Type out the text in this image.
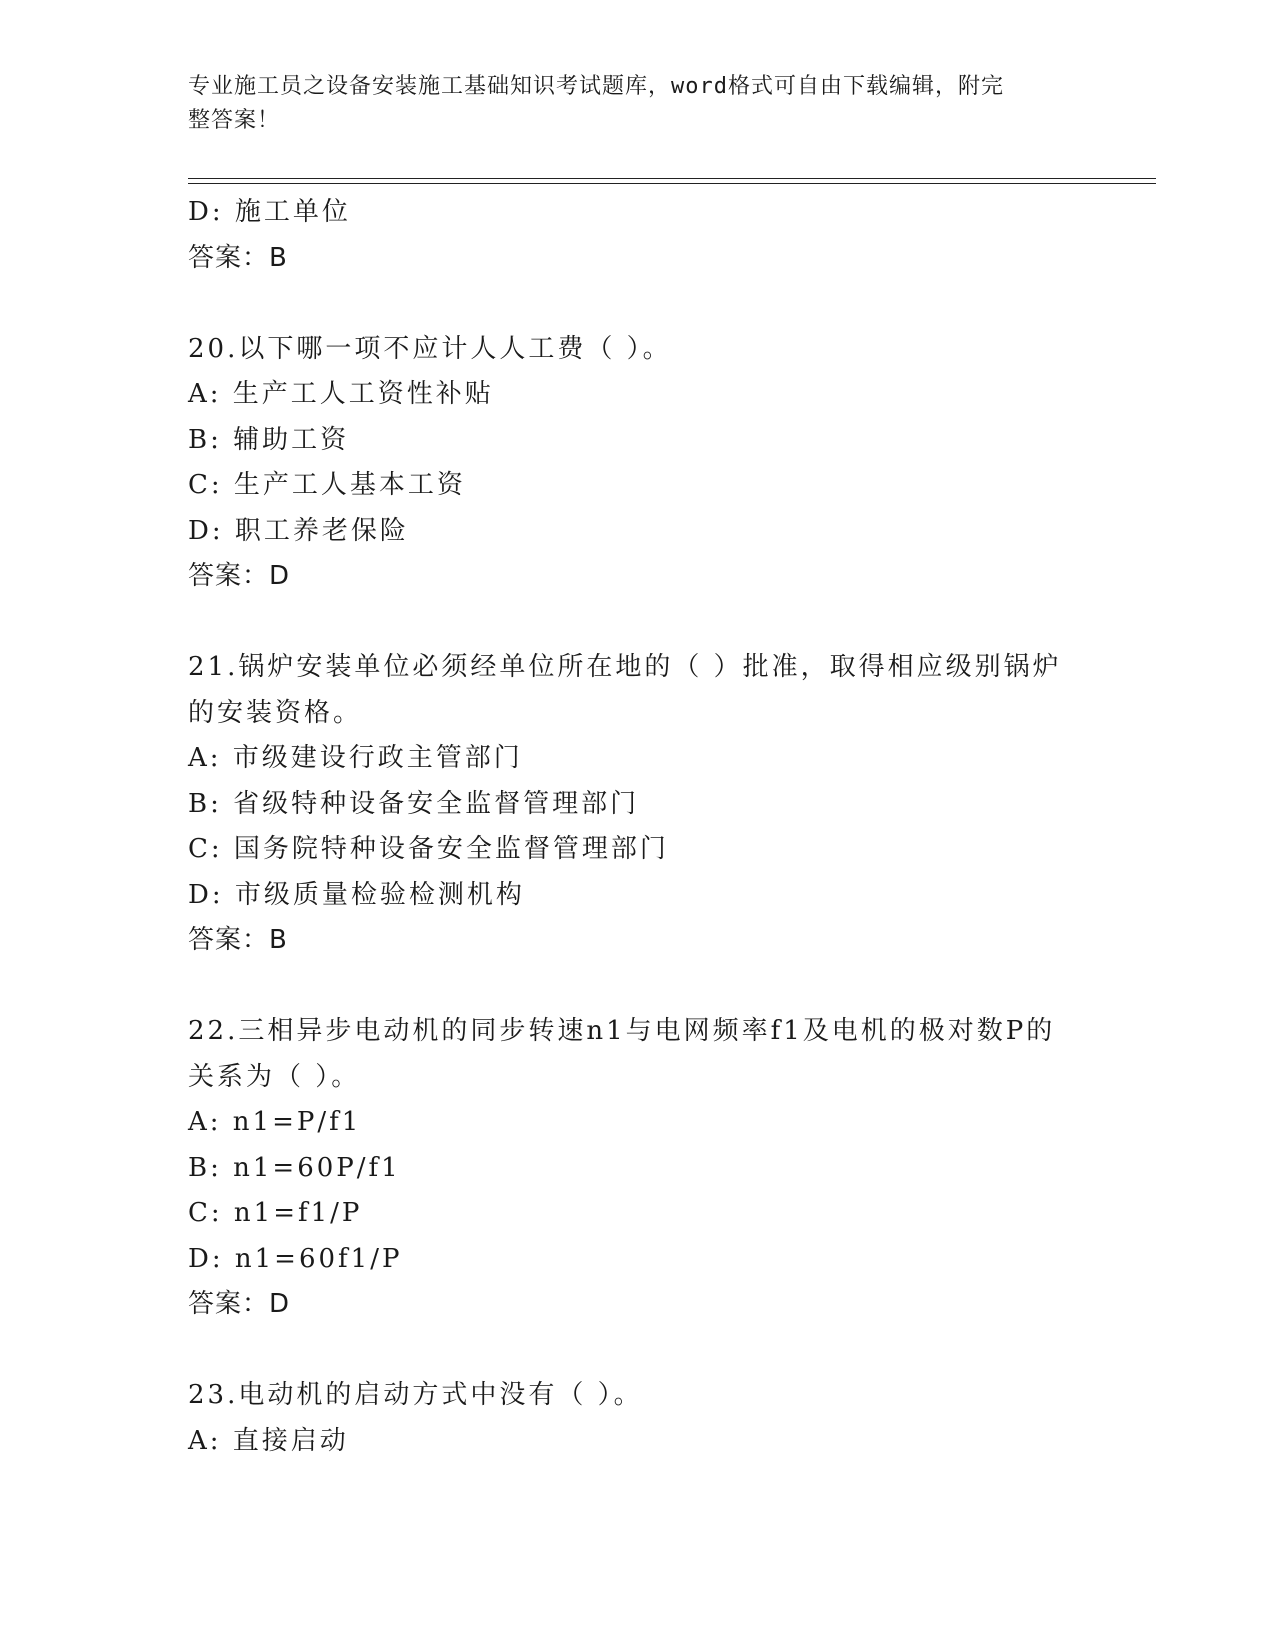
专业施工员之设备安装施工基础知识考试题库，word格式可自由下载编辑，附完
整答案！
D: 施工单位
答案：B
20.以下哪一项不应计人人工费（ ）。
A: 生产工人工资性补贴
B: 辅助工资
C: 生产工人基本工资
D: 职工养老保险
答案：D
21.锅炉安装单位必须经单位所在地的（ ）批准，取得相应级别锅炉
的安装资格。
A: 市级建设行政主管部门
B: 省级特种设备安全监督管理部门
C: 国务院特种设备安全监督管理部门
D: 市级质量检验检测机构
答案：B
22.三相异步电动机的同步转速n1与电网频率f1及电机的极对数P的
关系为（ ）。
A: n1=P/f1
B: n1=60P/f1
C: n1=f1/P
D: n1=60f1/P
答案：D
23.电动机的启动方式中没有（ ）。
A: 直接启动
